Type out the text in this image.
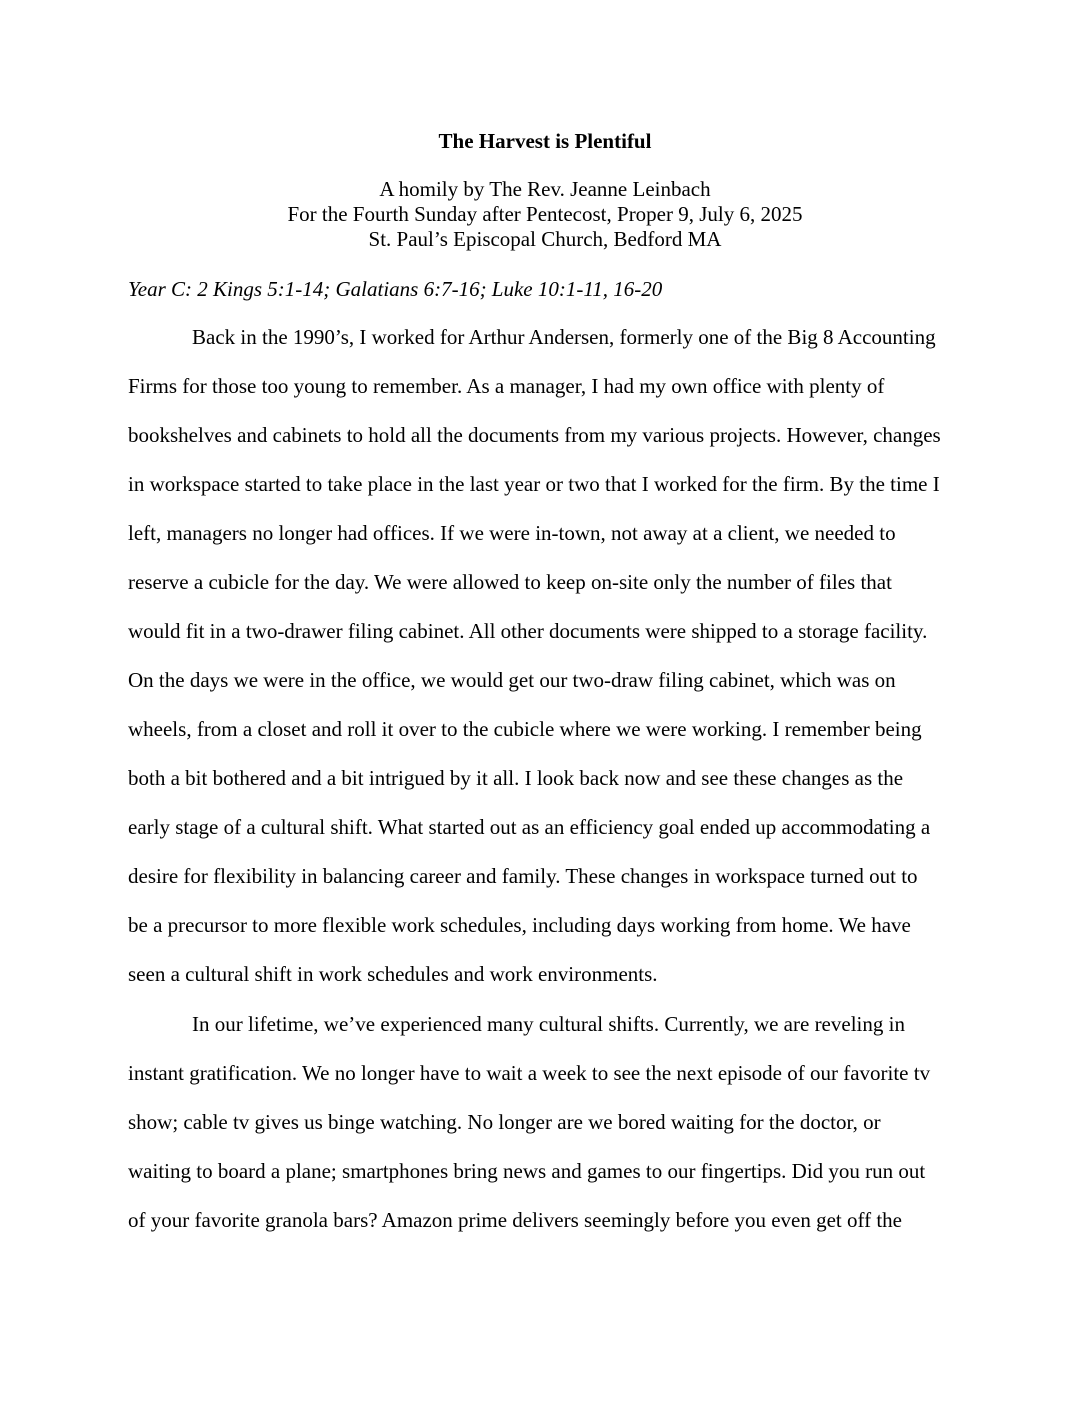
The Harvest is Plentiful
A homily by The Rev. Jeanne Leinbach
For the Fourth Sunday after Pentecost, Proper 9, July 6, 2025
St. Paul’s Episcopal Church, Bedford MA
Year C: 2 Kings 5:1-14; Galatians 6:7-16; Luke 10:1-11, 16-20
Back in the 1990’s, I worked for Arthur Andersen, formerly one of the Big 8 Accounting
Firms for those too young to remember. As a manager, I had my own office with plenty of
bookshelves and cabinets to hold all the documents from my various projects. However, changes
in workspace started to take place in the last year or two that I worked for the firm. By the time I
left, managers no longer had offices. If we were in-town, not away at a client, we needed to
reserve a cubicle for the day. We were allowed to keep on-site only the number of files that
would fit in a two-drawer filing cabinet. All other documents were shipped to a storage facility.
On the days we were in the office, we would get our two-draw filing cabinet, which was on
wheels, from a closet and roll it over to the cubicle where we were working. I remember being
both a bit bothered and a bit intrigued by it all. I look back now and see these changes as the
early stage of a cultural shift. What started out as an efficiency goal ended up accommodating a
desire for flexibility in balancing career and family. These changes in workspace turned out to
be a precursor to more flexible work schedules, including days working from home. We have
seen a cultural shift in work schedules and work environments.
In our lifetime, we’ve experienced many cultural shifts. Currently, we are reveling in
instant gratification. We no longer have to wait a week to see the next episode of our favorite tv
show; cable tv gives us binge watching. No longer are we bored waiting for the doctor, or
waiting to board a plane; smartphones bring news and games to our fingertips. Did you run out
of your favorite granola bars? Amazon prime delivers seemingly before you even get off the
